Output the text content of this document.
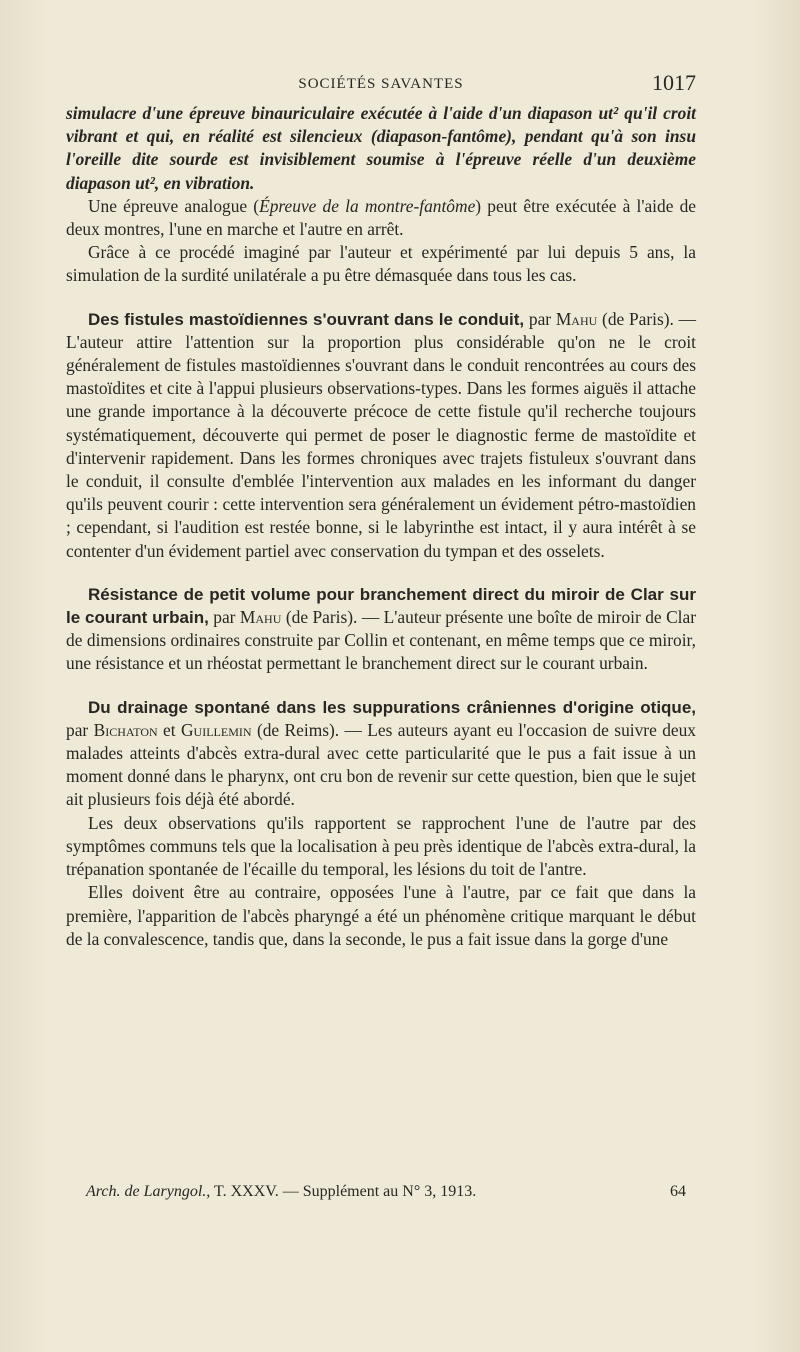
SOCIÉTÉS SAVANTES	1017

simulacre d'une épreuve binauriculaire exécutée à l'aide d'un diapason ut² qu'il croit vibrant et qui, en réalité est silencieux (diapason-fantôme), pendant qu'à son insu l'oreille dite sourde est invisiblement soumise à l'épreuve réelle d'un deuxième diapason ut², en vibration.

Une épreuve analogue (Épreuve de la montre-fantôme) peut être exécutée à l'aide de deux montres, l'une en marche et l'autre en arrêt.

Grâce à ce procédé imaginé par l'auteur et expérimenté par lui depuis 5 ans, la simulation de la surdité unilatérale a pu être démasquée dans tous les cas.

Des fistules mastoïdiennes s'ouvrant dans le conduit, par Mahu (de Paris). — L'auteur attire l'attention sur la proportion plus considérable qu'on ne le croit généralement de fistules mastoïdiennes s'ouvrant dans le conduit rencontrées au cours des mastoïdites et cite à l'appui plusieurs observations-types. Dans les formes aiguës il attache une grande importance à la découverte précoce de cette fistule qu'il recherche toujours systématiquement, découverte qui permet de poser le diagnostic ferme de mastoïdite et d'intervenir rapidement. Dans les formes chroniques avec trajets fistuleux s'ouvrant dans le conduit, il consulte d'emblée l'intervention aux malades en les informant du danger qu'ils peuvent courir : cette intervention sera généralement un évidement pétro-mastoïdien ; cependant, si l'audition est restée bonne, si le labyrinthe est intact, il y aura intérêt à se contenter d'un évidement partiel avec conservation du tympan et des osselets.

Résistance de petit volume pour branchement direct du miroir de Clar sur le courant urbain, par Mahu (de Paris). — L'auteur présente une boîte de miroir de Clar de dimensions ordinaires construite par Collin et contenant, en même temps que ce miroir, une résistance et un rhéostat permettant le branchement direct sur le courant urbain.

Du drainage spontané dans les suppurations crâniennes d'origine otique, par Bichaton et Guillemin (de Reims). — Les auteurs ayant eu l'occasion de suivre deux malades atteints d'abcès extra-dural avec cette particularité que le pus a fait issue à un moment donné dans le pharynx, ont cru bon de revenir sur cette question, bien que le sujet ait plusieurs fois déjà été abordé.

Les deux observations qu'ils rapportent se rapprochent l'une de l'autre par des symptômes communs tels que la localisation à peu près identique de l'abcès extra-dural, la trépanation spontanée de l'écaille du temporal, les lésions du toit de l'antre.

Elles doivent être au contraire, opposées l'une à l'autre, par ce fait que dans la première, l'apparition de l'abcès pharyngé a été un phénomène critique marquant le début de la convalescence, tandis que, dans la seconde, le pus a fait issue dans la gorge d'une

Arch. de Laryngol., T. XXXV. — Supplément au N° 3, 1913.	64
